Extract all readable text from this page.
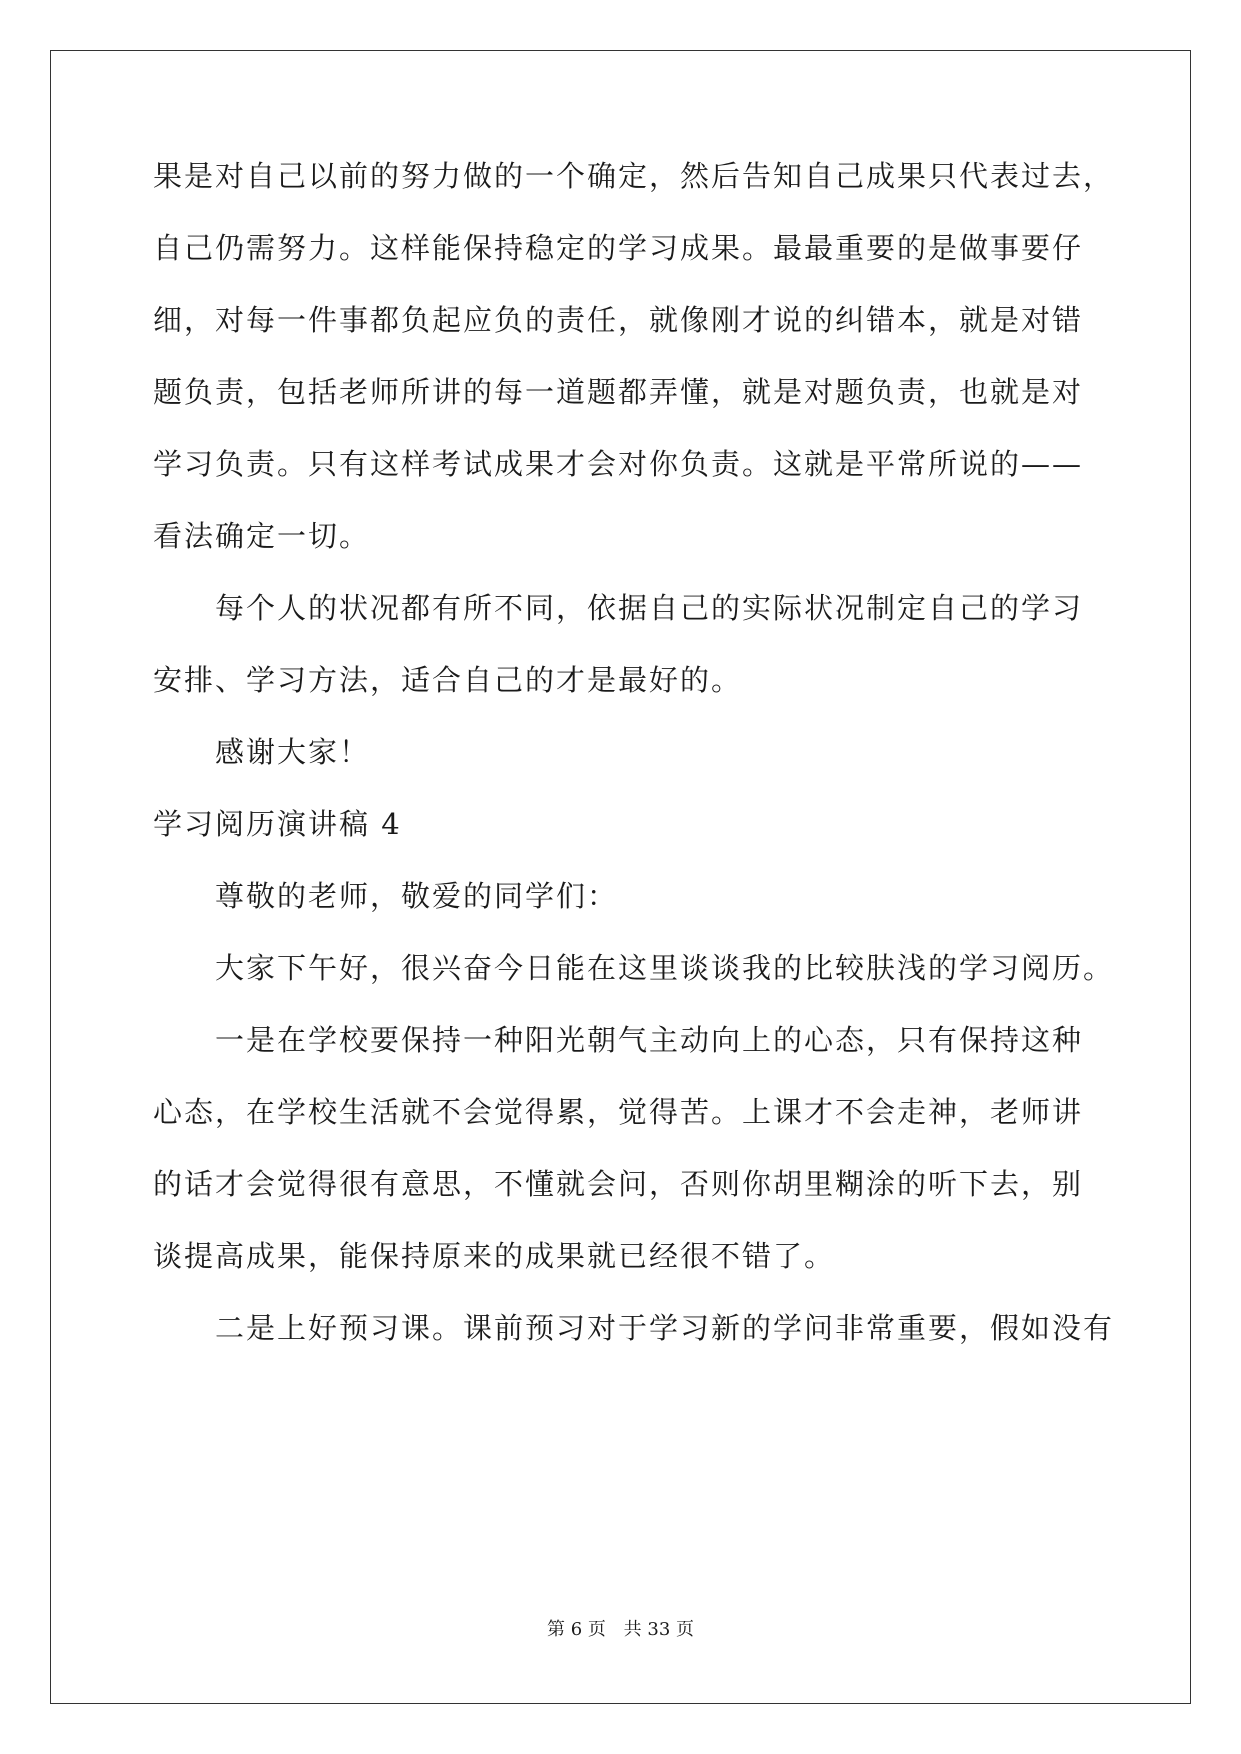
果是对自己以前的努力做的一个确定，然后告知自己成果只代表过去，
自己仍需努力。这样能保持稳定的学习成果。最最重要的是做事要仔
细，对每一件事都负起应负的责任，就像刚才说的纠错本，就是对错
题负责，包括老师所讲的每一道题都弄懂，就是对题负责，也就是对
学习负责。只有这样考试成果才会对你负责。这就是平常所说的——
看法确定一切。
每个人的状况都有所不同，依据自己的实际状况制定自己的学习
安排、学习方法，适合自己的才是最好的。
感谢大家！
学习阅历演讲稿 4
尊敬的老师，敬爱的同学们：
大家下午好，很兴奋今日能在这里谈谈我的比较肤浅的学习阅历。
一是在学校要保持一种阳光朝气主动向上的心态，只有保持这种
心态，在学校生活就不会觉得累，觉得苦。上课才不会走神，老师讲
的话才会觉得很有意思，不懂就会问，否则你胡里糊涂的听下去，别
谈提高成果，能保持原来的成果就已经很不错了。
二是上好预习课。课前预习对于学习新的学问非常重要，假如没有
第 6 页 共 33 页
